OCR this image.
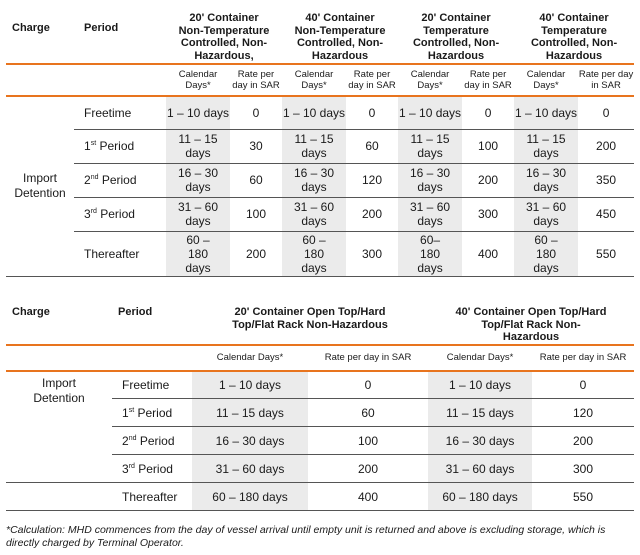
Charge	Period	20' Container Non-Temperature Controlled, Non-Hazardous,		40' Container Non-Temperature Controlled, Non-Hazardous		20' Container Temperature Controlled, Non-Hazardous		40' Container Temperature Controlled, Non-Hazardous	
		Calendar Days*	Rate per day in SAR	Calendar Days*	Rate per day in SAR	Calendar Days*	Rate per day in SAR	Calendar Days*	Rate per day in SAR
Import Detention	Freetime	1 – 10 days	0	1 – 10 days	0	1 – 10 days	0	1 – 10 days	0
	1st Period	11 – 15 days	30	11 – 15 days	60	11 – 15 days	100	11 – 15 days	200
	2nd Period	16 – 30 days	60	16 – 30 days	120	16 – 30 days	200	16 – 30 days	350
	3rd Period	31 – 60 days	100	31 – 60 days	200	31 – 60 days	300	31 – 60 days	450
	Thereafter	60 – 180 days	200	60 – 180 days	300	60– 180 days	400	60 – 180 days	550
Charge	Period	20' Container Open Top/Hard Top/Flat Rack Non-Hazardous		40' Container Open Top/Hard Top/Flat Rack Non-Hazardous	
		Calendar Days*	Rate per day in SAR	Calendar Days*	Rate per day in SAR
Import Detention	Freetime	1 – 10 days	0	1 – 10 days	0
	1st Period	11 – 15 days	60	11 – 15 days	120
	2nd Period	16 – 30 days	100	16 – 30 days	200
	3rd Period	31 – 60 days	200	31 – 60 days	300
	Thereafter	60 – 180 days	400	60 – 180 days	550
*Calculation: MHD commences from the day of vessel arrival until empty unit is returned and above is excluding storage, which is directly charged by Terminal Operator.
